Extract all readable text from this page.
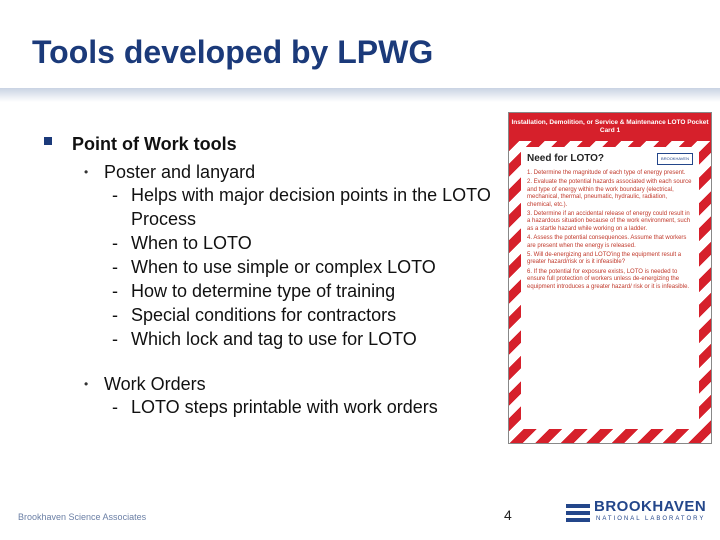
Tools developed by LPWG
Point of Work tools
• Poster and lanyard
- Helps with major decision points in the LOTO Process
- When to LOTO
- When to use simple or complex LOTO
- How to determine type of training
- Special conditions for contractors
- Which lock and tag to use for LOTO
• Work Orders
- LOTO steps printable with work orders
Installation, Demolition, or Service & Maintenance LOTO Pocket Card 1
Need for LOTO?	BROOKHAVEN
1. Determine the magnitude of each type of energy present.
2. Evaluate the potential hazards associated with each source and type of energy within the work boundary (electrical, mechanical, thermal, pneumatic, hydraulic, radiation, chemical, etc.).
3. Determine if an accidental release of energy could result in a hazardous situation because of the work environment, such as a startle hazard while working on a ladder.
4. Assess the potential consequences. Assume that workers are present when the energy is released.
5. Will de-energizing and LOTO'ing the equipment result a greater hazard/risk or is it infeasible?
6. If the potential for exposure exists, LOTO is needed to ensure full protection of workers unless de-energizing the equipment introduces a greater hazard/ risk or it is infeasible.
Brookhaven Science Associates	4	BROOKHAVEN
NATIONAL LABORATORY
